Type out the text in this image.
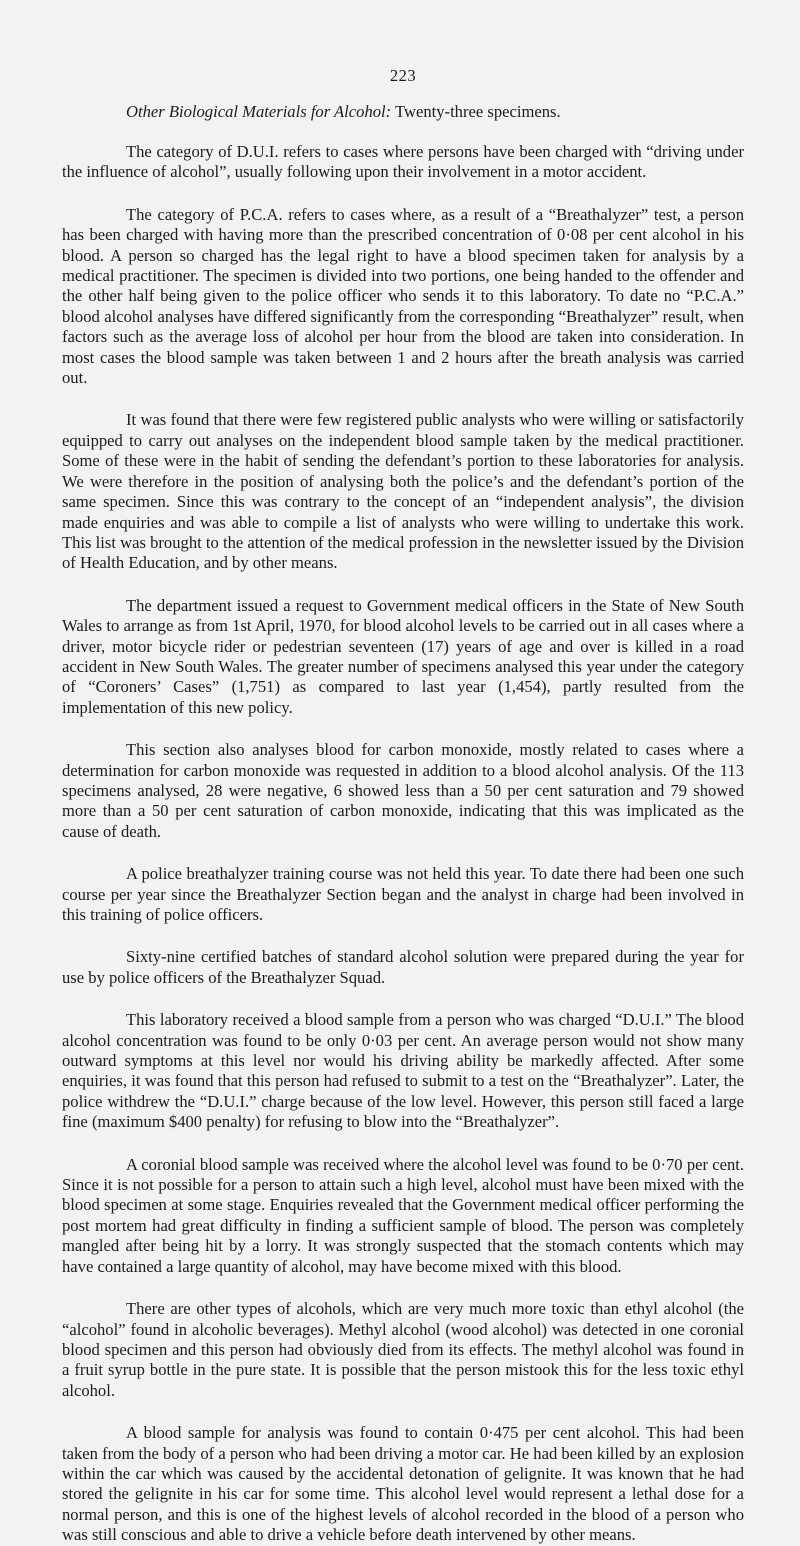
223

Other Biological Materials for Alcohol: Twenty-three specimens.

The category of D.U.I. refers to cases where persons have been charged with “driving under the influence of alcohol”, usually following upon their involvement in a motor accident.

The category of P.C.A. refers to cases where, as a result of a “Breathalyzer” test, a person has been charged with having more than the prescribed concentration of 0·08 per cent alcohol in his blood. A person so charged has the legal right to have a blood specimen taken for analysis by a medical practitioner. The specimen is divided into two portions, one being handed to the offender and the other half being given to the police officer who sends it to this laboratory. To date no “P.C.A.” blood alcohol analyses have differed significantly from the corresponding “Breathalyzer” result, when factors such as the average loss of alcohol per hour from the blood are taken into consideration. In most cases the blood sample was taken between 1 and 2 hours after the breath analysis was carried out.

It was found that there were few registered public analysts who were willing or satisfactorily equipped to carry out analyses on the independent blood sample taken by the medical practitioner. Some of these were in the habit of sending the defendant’s portion to these laboratories for analysis. We were therefore in the position of analysing both the police’s and the defendant’s portion of the same specimen. Since this was contrary to the concept of an “independent analysis”, the division made enquiries and was able to compile a list of analysts who were willing to undertake this work. This list was brought to the attention of the medical profession in the newsletter issued by the Division of Health Education, and by other means.

The department issued a request to Government medical officers in the State of New South Wales to arrange as from 1st April, 1970, for blood alcohol levels to be carried out in all cases where a driver, motor bicycle rider or pedestrian seventeen (17) years of age and over is killed in a road accident in New South Wales. The greater number of specimens analysed this year under the category of “Coroners’ Cases” (1,751) as compared to last year (1,454), partly resulted from the implementation of this new policy.

This section also analyses blood for carbon monoxide, mostly related to cases where a determination for carbon monoxide was requested in addition to a blood alcohol analysis. Of the 113 specimens analysed, 28 were negative, 6 showed less than a 50 per cent saturation and 79 showed more than a 50 per cent saturation of carbon monoxide, indicating that this was implicated as the cause of death.

A police breathalyzer training course was not held this year. To date there had been one such course per year since the Breathalyzer Section began and the analyst in charge had been involved in this training of police officers.

Sixty-nine certified batches of standard alcohol solution were prepared during the year for use by police officers of the Breathalyzer Squad.

This laboratory received a blood sample from a person who was charged “D.U.I.” The blood alcohol concentration was found to be only 0·03 per cent. An average person would not show many outward symptoms at this level nor would his driving ability be markedly affected. After some enquiries, it was found that this person had refused to submit to a test on the “Breathalyzer”. Later, the police withdrew the “D.U.I.” charge because of the low level. However, this person still faced a large fine (maximum $400 penalty) for refusing to blow into the “Breathalyzer”.

A coronial blood sample was received where the alcohol level was found to be 0·70 per cent. Since it is not possible for a person to attain such a high level, alcohol must have been mixed with the blood specimen at some stage. Enquiries revealed that the Government medical officer performing the post mortem had great difficulty in finding a sufficient sample of blood. The person was completely mangled after being hit by a lorry. It was strongly suspected that the stomach contents which may have contained a large quantity of alcohol, may have become mixed with this blood.

There are other types of alcohols, which are very much more toxic than ethyl alcohol (the “alcohol” found in alcoholic beverages). Methyl alcohol (wood alcohol) was detected in one coronial blood specimen and this person had obviously died from its effects. The methyl alcohol was found in a fruit syrup bottle in the pure state. It is possible that the person mistook this for the less toxic ethyl alcohol.

A blood sample for analysis was found to contain 0·475 per cent alcohol. This had been taken from the body of a person who had been driving a motor car. He had been killed by an explosion within the car which was caused by the accidental detonation of gelignite. It was known that he had stored the gelignite in his car for some time. This alcohol level would represent a lethal dose for a normal person, and this is one of the highest levels of alcohol recorded in the blood of a person who was still conscious and able to drive a vehicle before death intervened by other means.
